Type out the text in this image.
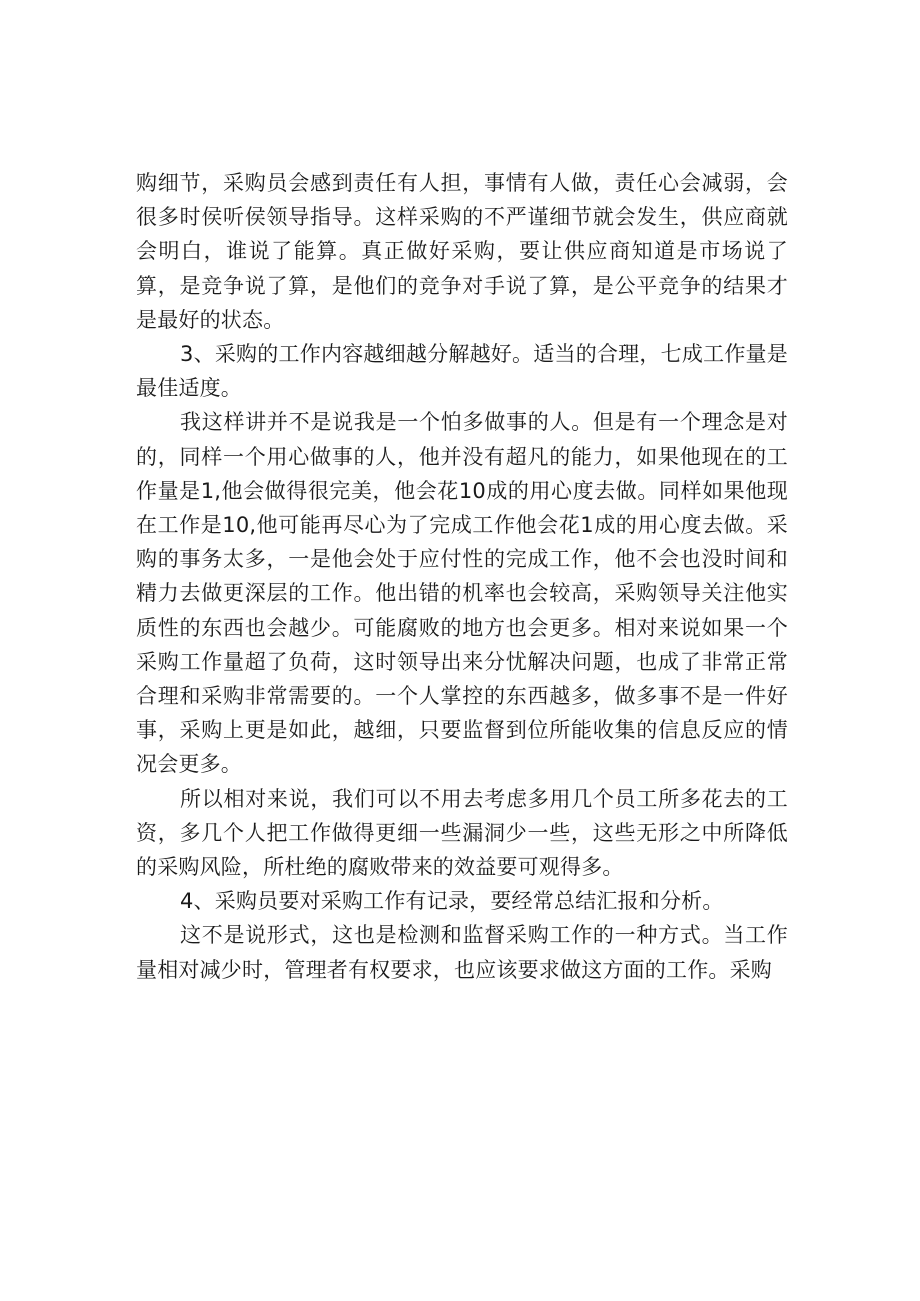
购细节，采购员会感到责任有人担，事情有人做，责任心会减弱，会很多时侯听侯领导指导。这样采购的不严谨细节就会发生，供应商就会明白，谁说了能算。真正做好采购，要让供应商知道是市场说了算，是竞争说了算，是他们的竞争对手说了算，是公平竞争的结果才是最好的状态。

3、采购的工作内容越细越分解越好。适当的合理，七成工作量是最佳适度。

我这样讲并不是说我是一个怕多做事的人。但是有一个理念是对的，同样一个用心做事的人，他并没有超凡的能力，如果他现在的工作量是1,他会做得很完美，他会花10成的用心度去做。同样如果他现在工作是10,他可能再尽心为了完成工作他会花1成的用心度去做。采购的事务太多，一是他会处于应付性的完成工作，他不会也没时间和精力去做更深层的工作。他出错的机率也会较高，采购领导关注他实质性的东西也会越少。可能腐败的地方也会更多。相对来说如果一个采购工作量超了负荷，这时领导出来分忧解决问题，也成了非常正常合理和采购非常需要的。一个人掌控的东西越多，做多事不是一件好事，采购上更是如此，越细，只要监督到位所能收集的信息反应的情况会更多。

所以相对来说，我们可以不用去考虑多用几个员工所多花去的工资，多几个人把工作做得更细一些漏洞少一些，这些无形之中所降低的采购风险，所杜绝的腐败带来的效益要可观得多。

4、采购员要对采购工作有记录，要经常总结汇报和分析。

这不是说形式，这也是检测和监督采购工作的一种方式。当工作量相对减少时，管理者有权要求，也应该要求做这方面的工作。采购
